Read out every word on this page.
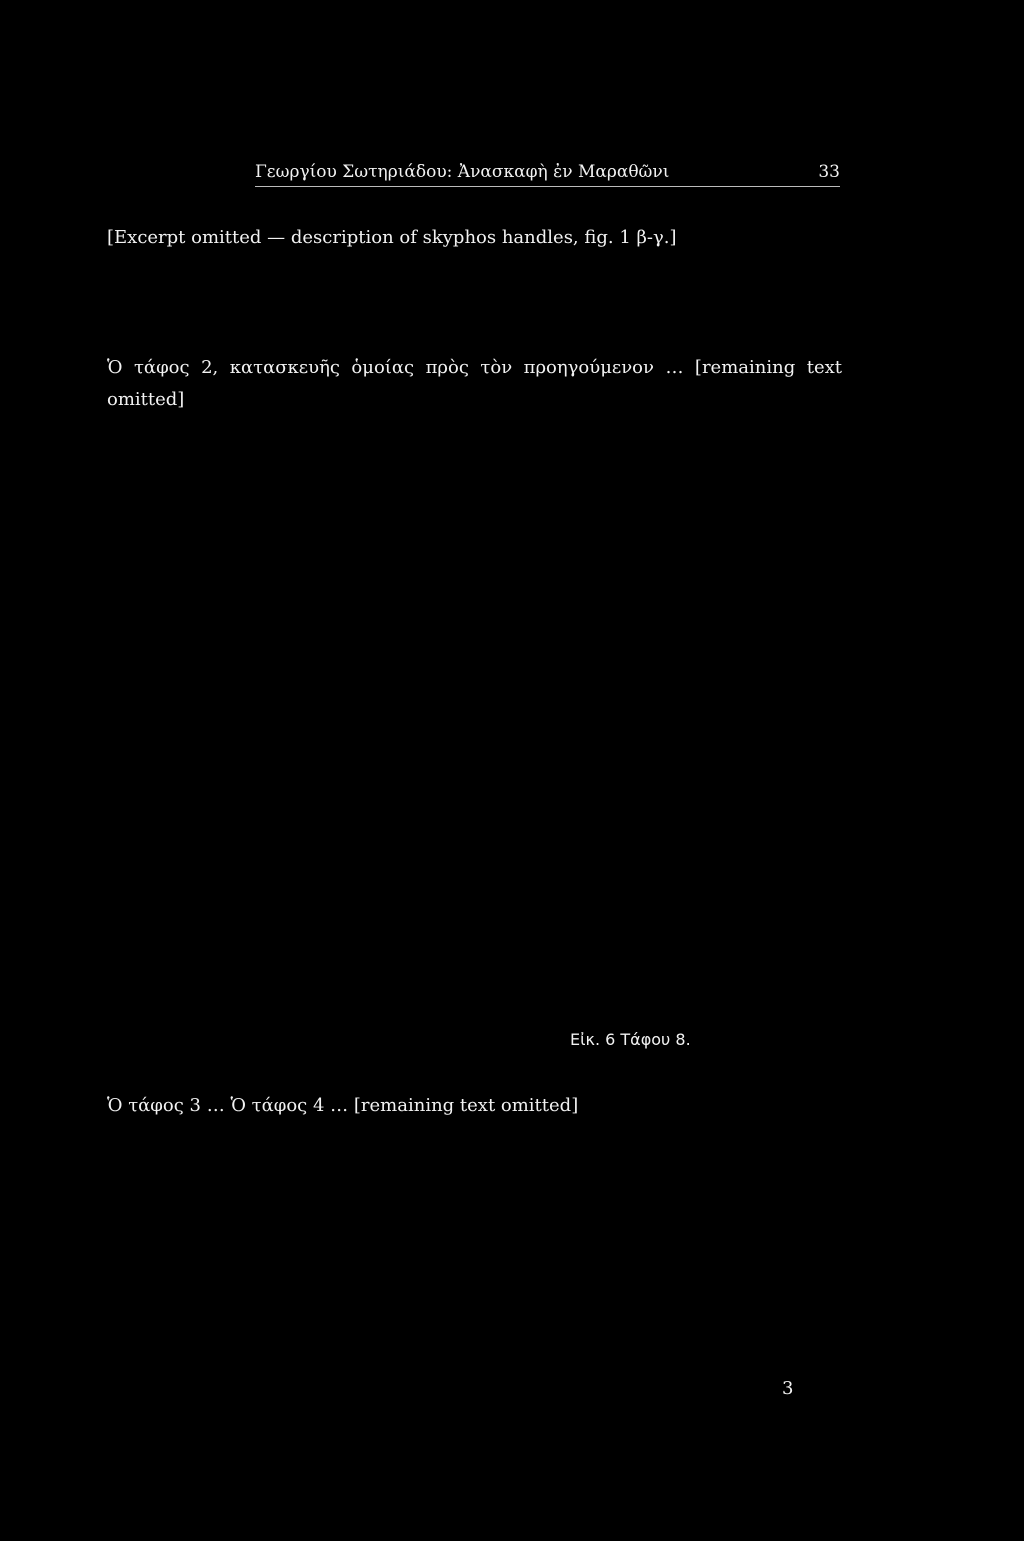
Γεωργίου Σωτηριάδου: Ἀνασκαφὴ ἐν Μαραθῶνι	33
[Excerpt omitted — description of skyphos handles, fig. 1 β-γ.]
Ὁ τάφος 2, κατασκευῆς ὁμοίας πρὸς τὸν προηγούμενον … [remaining text omitted]
Εἰκ. 6 Τάφου 8.
Ὁ τάφος 3 … Ὁ τάφος 4 … [remaining text omitted]
3
